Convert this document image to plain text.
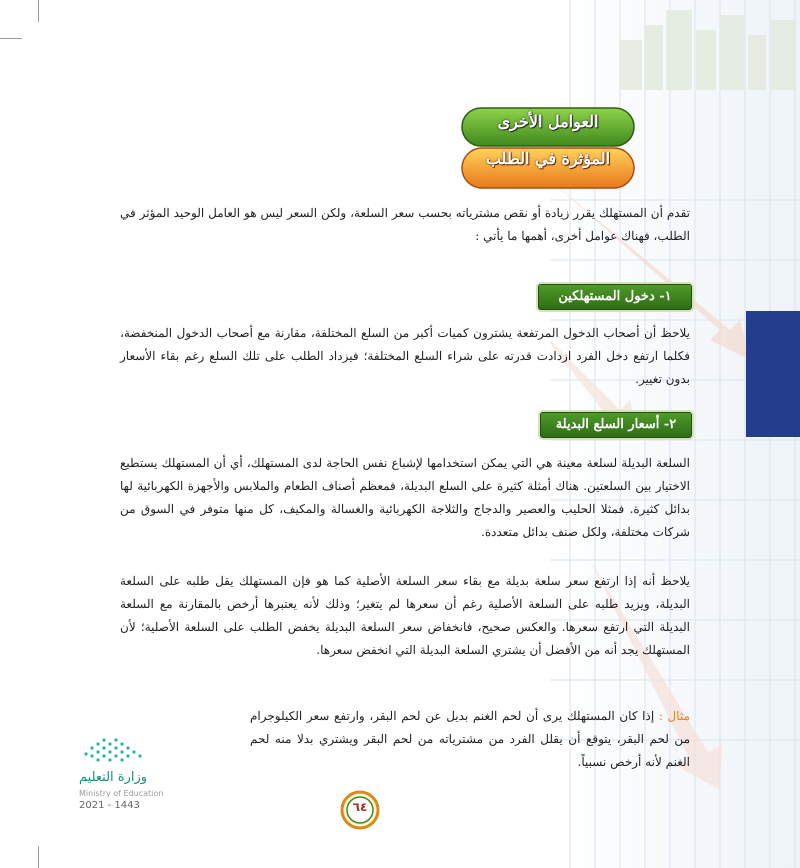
العوامل الأخرى
المؤثرة في الطلب
تقدم أن المستهلك يقرر زيادة أو نقص مشترياته بحسب سعر السلعة، ولكن السعر ليس هو العامل الوحيد المؤثر في الطلب، فهناك عوامل أخرى، أهمها ما يأتي :
١- دخول المستهلكين
يلاحظ أن أصحاب الدخول المرتفعة يشترون كميات أكبر من السلع المختلفة، مقارنة مع أصحاب الدخول المنخفضة، فكلما ارتفع دخل الفرد ازدادت قدرته على شراء السلع المختلفة؛ فيزداد الطلب على تلك السلع رغم بقاء الأسعار بدون تغيير.
٢- أسعار السلع البديلة
السلعة البديلة لسلعة معينة هي التي يمكن استخدامها لإشباع نفس الحاجة لدى المستهلك، أي أن المستهلك يستطيع الاختيار بين السلعتين. هناك أمثلة كثيرة على السلع البديلة، فمعظم أصناف الطعام والملابس والأجهزة الكهربائية لها بدائل كثيرة. فمثلا الحليب والعصير والدجاج والثلاجة الكهربائية والغسالة والمكيف، كل منها متوفر في السوق من شركات مختلفة، ولكل صنف بدائل متعددة.
يلاحظ أنه إذا ارتفع سعر سلعة بديلة مع بقاء سعر السلعة الأصلية كما هو فإن المستهلك يقل طلبه على السلعة البديلة، ويزيد طلبه على السلعة الأصلية رغم أن سعرها لم يتغير؛ وذلك لأنه يعتبرها أرخص بالمقارنة مع السلعة البديلة التي ارتفع سعرها. والعكس صحيح، فانخفاض سعر السلعة البديلة يخفض الطلب على السلعة الأصلية؛ لأن المستهلك يجد أنه من الأفضل أن يشتري السلعة البديلة التي انخفض سعرها.
مثال : إذا كان المستهلك يرى أن لحم الغنم بديل عن لحم البقر، وارتفع سعر الكيلوجرام من لحم البقر، يتوقع أن يقلل الفرد من مشترياته من لحم البقر ويشتري بدلا منه لحم الغنم لأنه أرخص نسبياً.
وزارة التعليم
Ministry of Education
2021 - 1443	٦٤
